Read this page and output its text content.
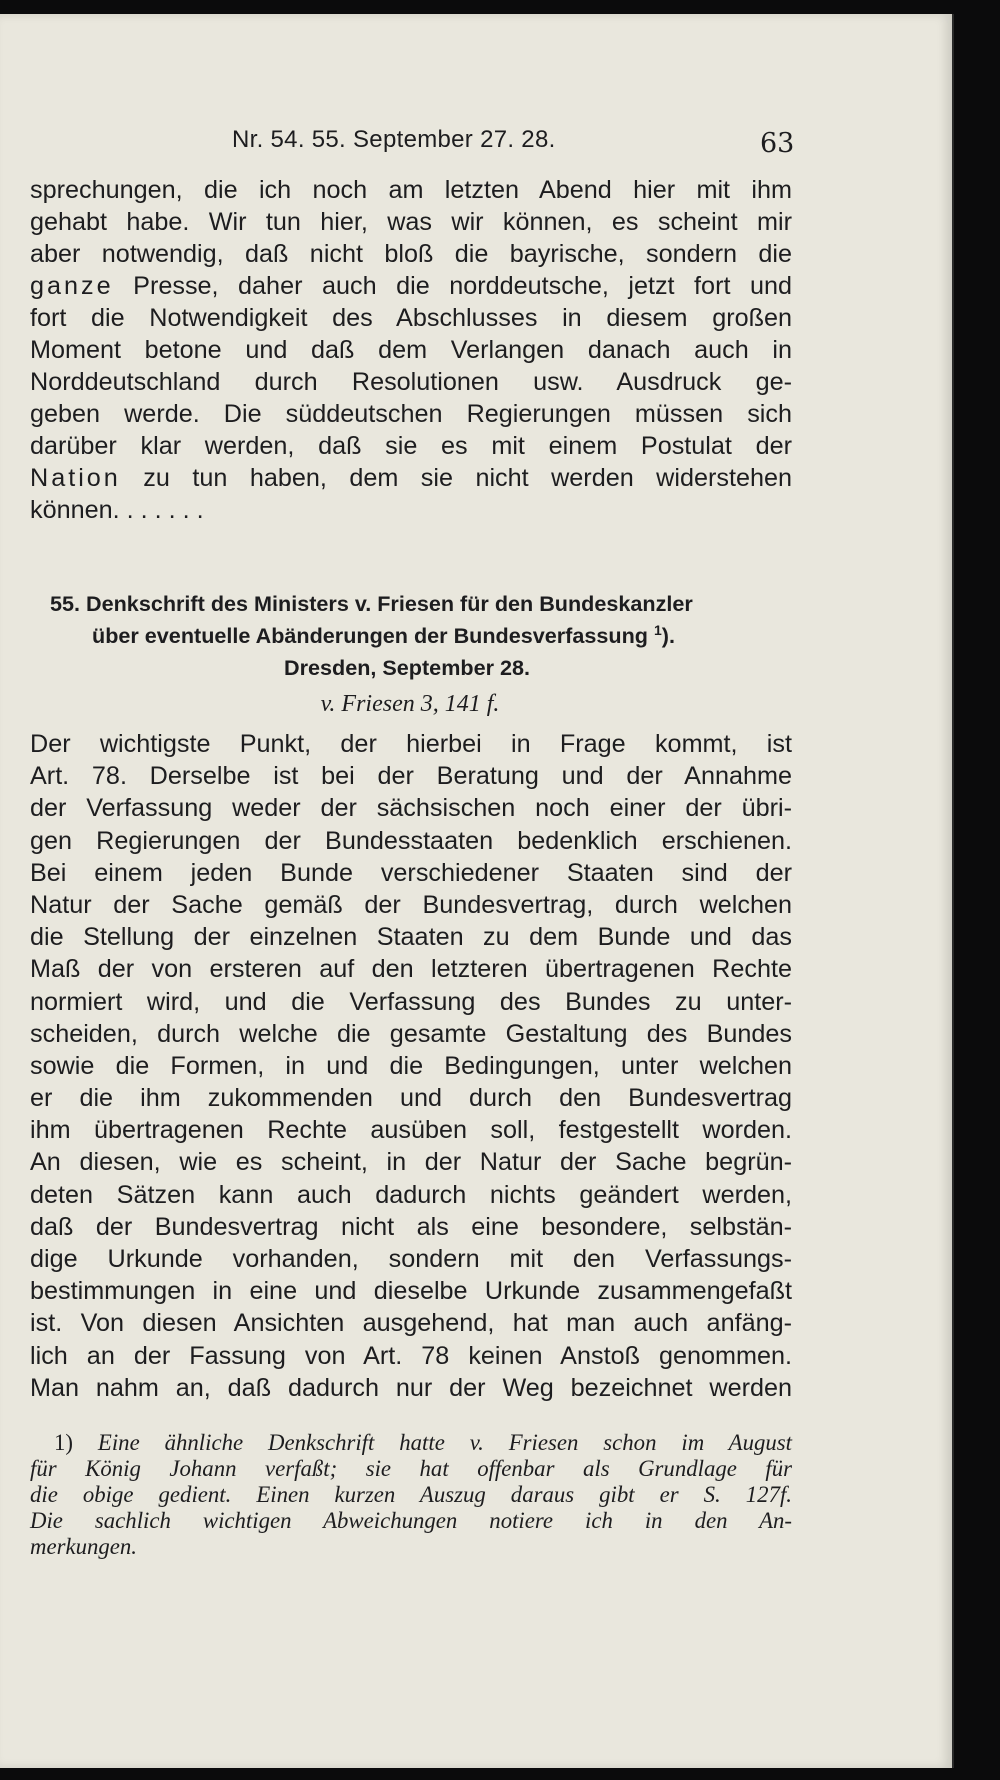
Nr. 54. 55. September 27. 28.	63
sprechungen, die ich noch am letzten Abend hier mit ihm
gehabt habe. Wir tun hier, was wir können, es scheint mir
aber notwendig, daß nicht bloß die bayrische, sondern die
ganze Presse, daher auch die norddeutsche, jetzt fort und
fort die Notwendigkeit des Abschlusses in diesem großen
Moment betone und daß dem Verlangen danach auch in
Norddeutschland durch Resolutionen usw. Ausdruck ge-
geben werde. Die süddeutschen Regierungen müssen sich
darüber klar werden, daß sie es mit einem Postulat der
Nation zu tun haben, dem sie nicht werden widerstehen
können. . . . . . .
55. Denkschrift des Ministers v. Friesen für den Bundeskanzler
über eventuelle Abänderungen der Bundesverfassung $^1$).
Dresden, September 28.
v. Friesen 3, 141 f.
Der wichtigste Punkt, der hierbei in Frage kommt, ist
Art. 78. Derselbe ist bei der Beratung und der Annahme
der Verfassung weder der sächsischen noch einer der übri-
gen Regierungen der Bundesstaaten bedenklich erschienen.
Bei einem jeden Bunde verschiedener Staaten sind der
Natur der Sache gemäß der Bundesvertrag, durch welchen
die Stellung der einzelnen Staaten zu dem Bunde und das
Maß der von ersteren auf den letzteren übertragenen Rechte
normiert wird, und die Verfassung des Bundes zu unter-
scheiden, durch welche die gesamte Gestaltung des Bundes
sowie die Formen, in und die Bedingungen, unter welchen
er die ihm zukommenden und durch den Bundesvertrag
ihm übertragenen Rechte ausüben soll, festgestellt worden.
An diesen, wie es scheint, in der Natur der Sache begrün-
deten Sätzen kann auch dadurch nichts geändert werden,
daß der Bundesvertrag nicht als eine besondere, selbstän-
dige Urkunde vorhanden, sondern mit den Verfassungs-
bestimmungen in eine und dieselbe Urkunde zusammengefaßt
ist. Von diesen Ansichten ausgehend, hat man auch anfäng-
lich an der Fassung von Art. 78 keinen Anstoß genommen.
Man nahm an, daß dadurch nur der Weg bezeichnet werden
1) Eine ähnliche Denkschrift hatte v. Friesen schon im August
für König Johann verfaßt; sie hat offenbar als Grundlage für
die obige gedient. Einen kurzen Auszug daraus gibt er S. 127f.
Die sachlich wichtigen Abweichungen notiere ich in den An-
merkungen.
